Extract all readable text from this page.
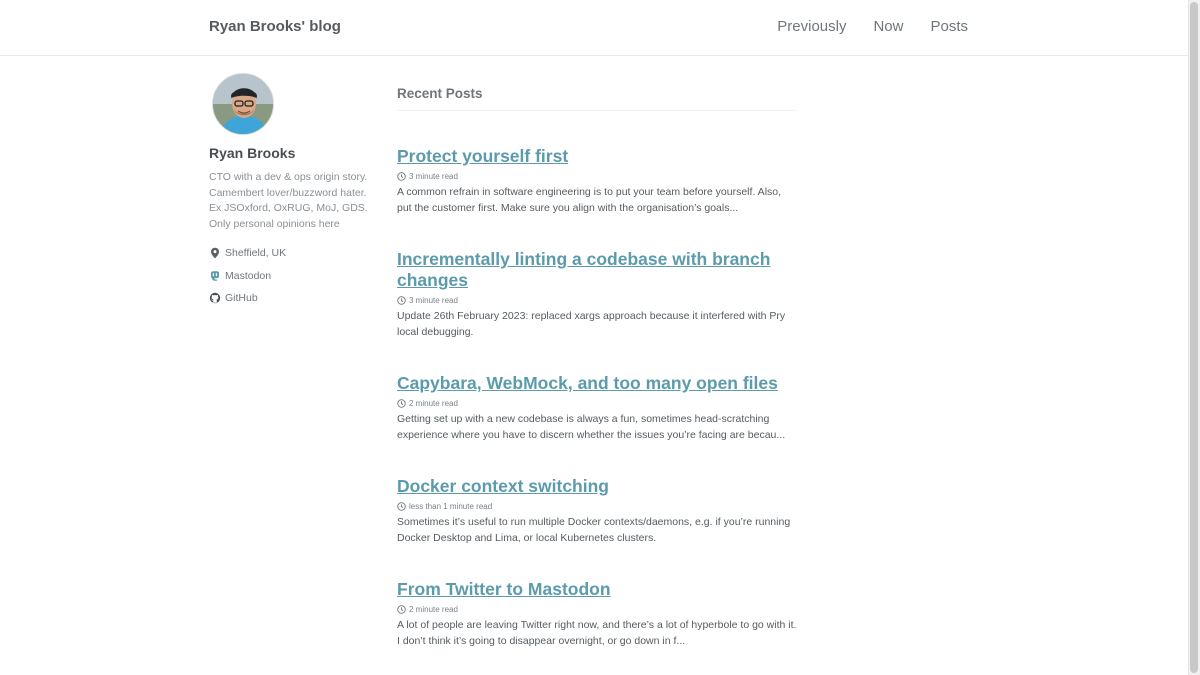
Ryan Brooks' blog	Previously Now Posts
Ryan Brooks

CTO with a dev & ops origin story. Camembert lover/buzzword hater. Ex JSOxford, OxRUG, MoJ, GDS. Only personal opinions here

Sheffield, UK
Mastodon
GitHub
Recent Posts
Protect yourself first
3 minute read

A common refrain in software engineering is to put your team before yourself. Also, put the customer first. Make sure you align with the organisation’s goals...

Incrementally linting a codebase with branch changes
3 minute read

Update 26th February 2023: replaced xargs approach because it interfered with Pry local debugging.

Capybara, WebMock, and too many open files
2 minute read

Getting set up with a new codebase is always a fun, sometimes head-scratching experience where you have to discern whether the issues you’re facing are becau...

Docker context switching
less than 1 minute read

Sometimes it’s useful to run multiple Docker contexts/daemons, e.g. if you’re running Docker Desktop and Lima, or local Kubernetes clusters.

From Twitter to Mastodon
2 minute read

A lot of people are leaving Twitter right now, and there’s a lot of hyperbole to go with it. I don’t think it’s going to disappear overnight, or go down in f...
